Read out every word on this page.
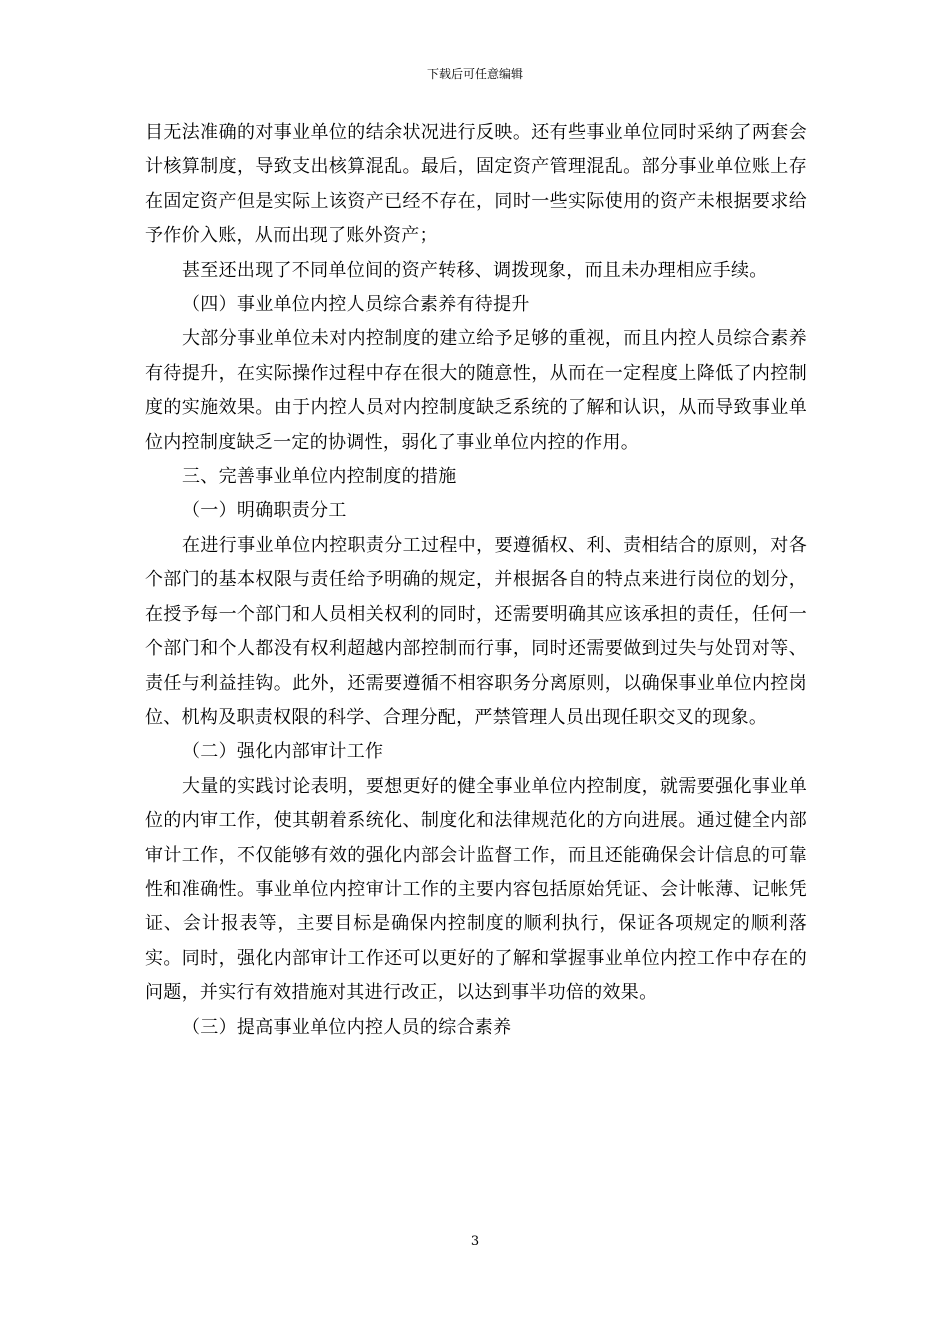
下载后可任意编辑

目无法准确的对事业单位的结余状况进行反映。还有些事业单位同时采纳了两套会计核算制度，导致支出核算混乱。最后，固定资产管理混乱。部分事业单位账上存在固定资产但是实际上该资产已经不存在，同时一些实际使用的资产未根据要求给予作价入账，从而出现了账外资产；

甚至还出现了不同单位间的资产转移、调拨现象，而且未办理相应手续。

（四）事业单位内控人员综合素养有待提升

大部分事业单位未对内控制度的建立给予足够的重视，而且内控人员综合素养有待提升，在实际操作过程中存在很大的随意性，从而在一定程度上降低了内控制度的实施效果。由于内控人员对内控制度缺乏系统的了解和认识，从而导致事业单位内控制度缺乏一定的协调性，弱化了事业单位内控的作用。

三、完善事业单位内控制度的措施

（一）明确职责分工

在进行事业单位内控职责分工过程中，要遵循权、利、责相结合的原则，对各个部门的基本权限与责任给予明确的规定，并根据各自的特点来进行岗位的划分，在授予每一个部门和人员相关权利的同时，还需要明确其应该承担的责任，任何一个部门和个人都没有权利超越内部控制而行事，同时还需要做到过失与处罚对等、责任与利益挂钩。此外，还需要遵循不相容职务分离原则，以确保事业单位内控岗位、机构及职责权限的科学、合理分配，严禁管理人员出现任职交叉的现象。

（二）强化内部审计工作

大量的实践讨论表明，要想更好的健全事业单位内控制度，就需要强化事业单位的内审工作，使其朝着系统化、制度化和法律规范化的方向进展。通过健全内部审计工作，不仅能够有效的强化内部会计监督工作，而且还能确保会计信息的可靠性和准确性。事业单位内控审计工作的主要内容包括原始凭证、会计帐薄、记帐凭证、会计报表等，主要目标是确保内控制度的顺利执行，保证各项规定的顺利落实。同时，强化内部审计工作还可以更好的了解和掌握事业单位内控工作中存在的问题，并实行有效措施对其进行改正，以达到事半功倍的效果。

（三）提高事业单位内控人员的综合素养

3
